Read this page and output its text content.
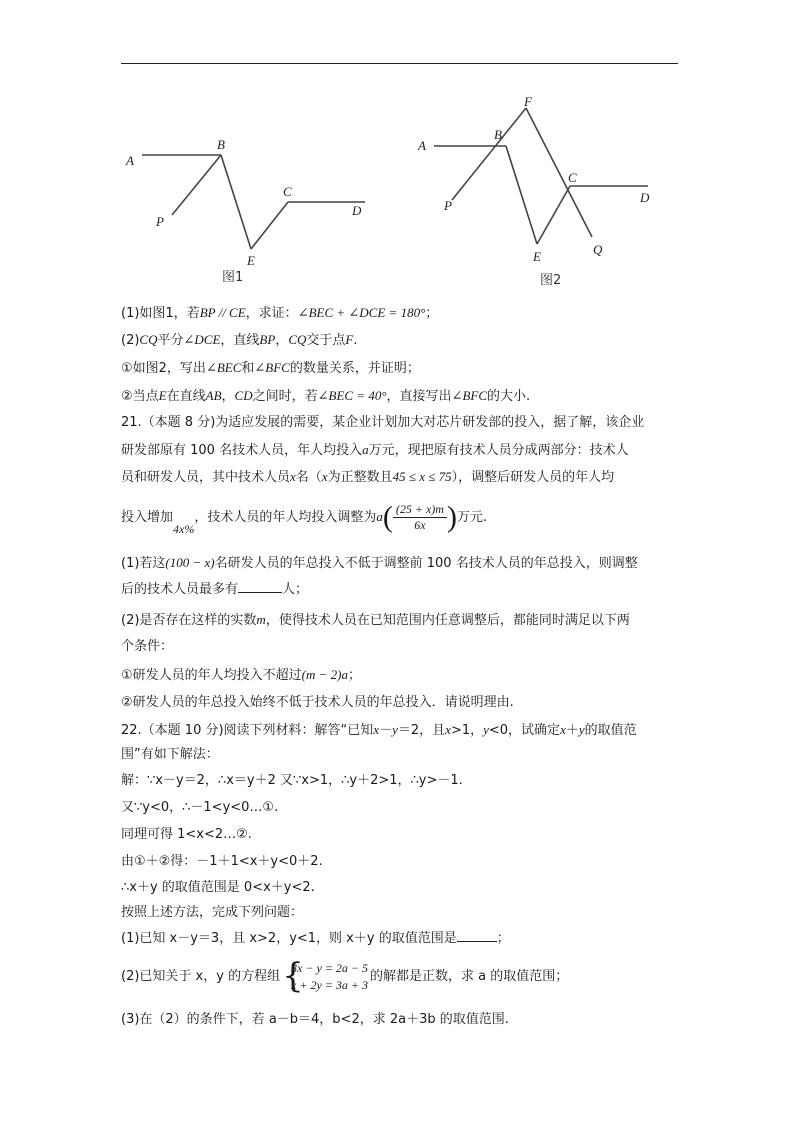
A
B
P
E
C
D
图1
F
A
B
P
C
D
E	Q
图2
(1)如图1，若BP // CE，求证：∠BEC + ∠DCE = 180°；
(2)CQ平分∠DCE，直线BP，CQ交于点F.
①如图2，写出∠BEC和∠BFC的数量关系，并证明；
②当点E在直线AB，CD之间时，若∠BEC = 40°，直接写出∠BFC的大小.
21.（本题 8 分)为适应发展的需要，某企业计划加大对芯片研发部的投入，据了解，该企业
研发部原有 100 名技术人员，年人均投入a万元，现把原有技术人员分成两部分：技术人
员和研发人员，其中技术人员x名（x为正整数且45 ≤ x ≤ 75），调整后研发人员的年人均
投入增加4x%，技术人员的年人均投入调整为$a( \frac{(25 + x)m}{6x}$ )万元.
(1)若这(100 − x)名研发人员的年总投入不低于调整前 100 名技术人员的年总投入，则调整
后的技术人员最多有	人；
(2)是否存在这样的实数m，使得技术人员在已知范围内任意调整后，都能同时满足以下两
个条件：
①研发人员的年人均投入不超过(m − 2)a；
②研发人员的年总投入始终不低于技术人员的年总投入．请说明理由.
22.（本题 10 分)阅读下列材料：解答“已知x－y＝2，且x>1，y<0，试确定x＋y的取值范
围”有如下解法：
解：∵x－y＝2，∴x＝y＋2 又∵x>1，∴y＋2>1，∴y>－1.
又∵y<0，∴－1<y<0…①.
同理可得 1<x<2…②.
由①＋②得：－1＋1<x＋y<0＋2.
∴x＋y 的取值范围是 0<x＋y<2.
按照上述方法，完成下列问题：
(1)已知 x－y＝3，且 x>2，y<1，则 x＋y 的取值范围是	；
(2)已知关于 x，y 的方程组 {
3x − y = 2a − 5
x + 2y = 3a + 3
的解都是正数，求 a 的取值范围；
(3)在（2）的条件下，若 a－b＝4，b<2，求 2a＋3b 的取值范围.
